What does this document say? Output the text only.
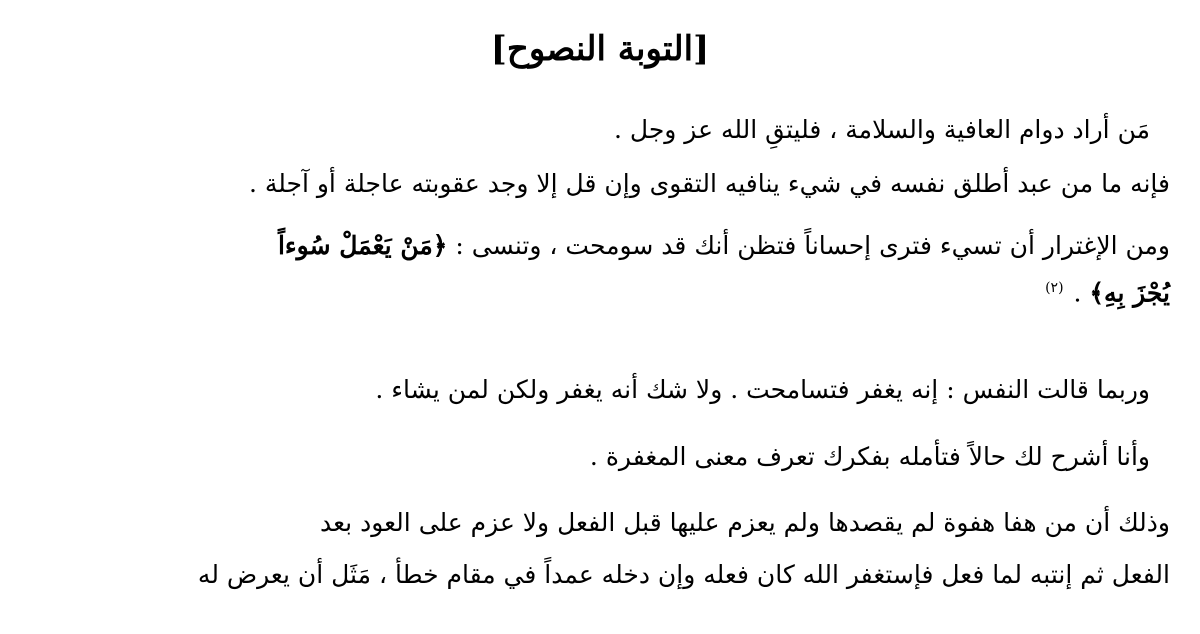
[التوبة النصوح]
مَن أراد دوام العافية والسلامة ، فليتقِ الله عز وجل .
فإنه ما من عبد أطلق نفسه في شيء ينافيه التقوى وإن قل إلا وجد عقوبته عاجلة أو آجلة .
ومن الإغترار أن تسيء فترى إحساناً فتظن أنك قد سومحت ، وتنسى : ﴿مَنْ يَعْمَلْ سُوءاً
يُجْزَ بِهِ﴾ . $^{(٢)}$
وربما قالت النفس : إنه يغفر فتسامحت . ولا شك أنه يغفر ولكن لمن يشاء .
وأنا أشرح لك حالاً فتأمله بفكرك تعرف معنى المغفرة .
وذلك أن من هفا هفوة لم يقصدها ولم يعزم عليها قبل الفعل ولا عزم على العود بعد
الفعل ثم إنتبه لما فعل فإستغفر الله كان فعله وإن دخله عمداً في مقام خطأ ، مَثَل أن يعرض له
